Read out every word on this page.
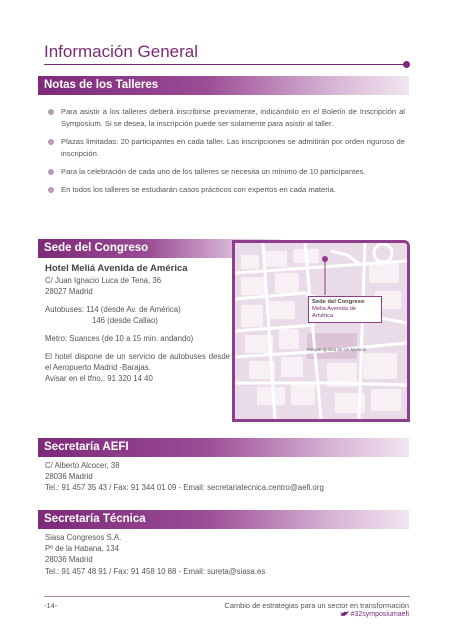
Información General
Notas de los Talleres
Para asistir a los talleres deberá inscribirse previamente, indicándolo en el Boletín de Inscripción al Symposium. Si se desea, la inscripción puede ser solamente para asistir al taller.
Plazas limitadas: 20 participantes en cada taller. Las inscripciones se admitirán por orden riguroso de inscripción.
Para la celebración de cada uno de los talleres se necesita un mínimo de 10 participantes.
En todos los talleres se estudiarán casos prácticos con expertos en cada materia.
Sede del Congreso
Hotel Meliá Avenida de América
C/ Juan Ignacio Luca de Tena, 36
28027 Madrid
Autobuses:
114 (desde Av. de América)
146 (desde Callao)
Metro:
Suances (de 10 a 15 min. andando)
El hotel dispone de un servicio de autobuses desde el Aeropuerto Madrid -Barajas.
Avisar en el tfno.: 91 320 14 40
Parque Quinta de los Molinos
Sede del Congreso
Melia Avenida de América
Secretaría AEFI
C/ Alberto Alcocer, 38
28036 Madrid
Tel.: 91 457 35 43 / Fax: 91 344 01 09 - Email: secretariatecnica.centro@aefi.org
Secretaría Técnica
Siasa Congresos S.A.
Pº de la Habana, 134
28036 Madrid
Tel.: 91 457 48 91 / Fax: 91 458 10 88 - Email: sureta@siasa.es
-14-	Cambio de estrategias para un sector en transformación
#32symposiumaefi
